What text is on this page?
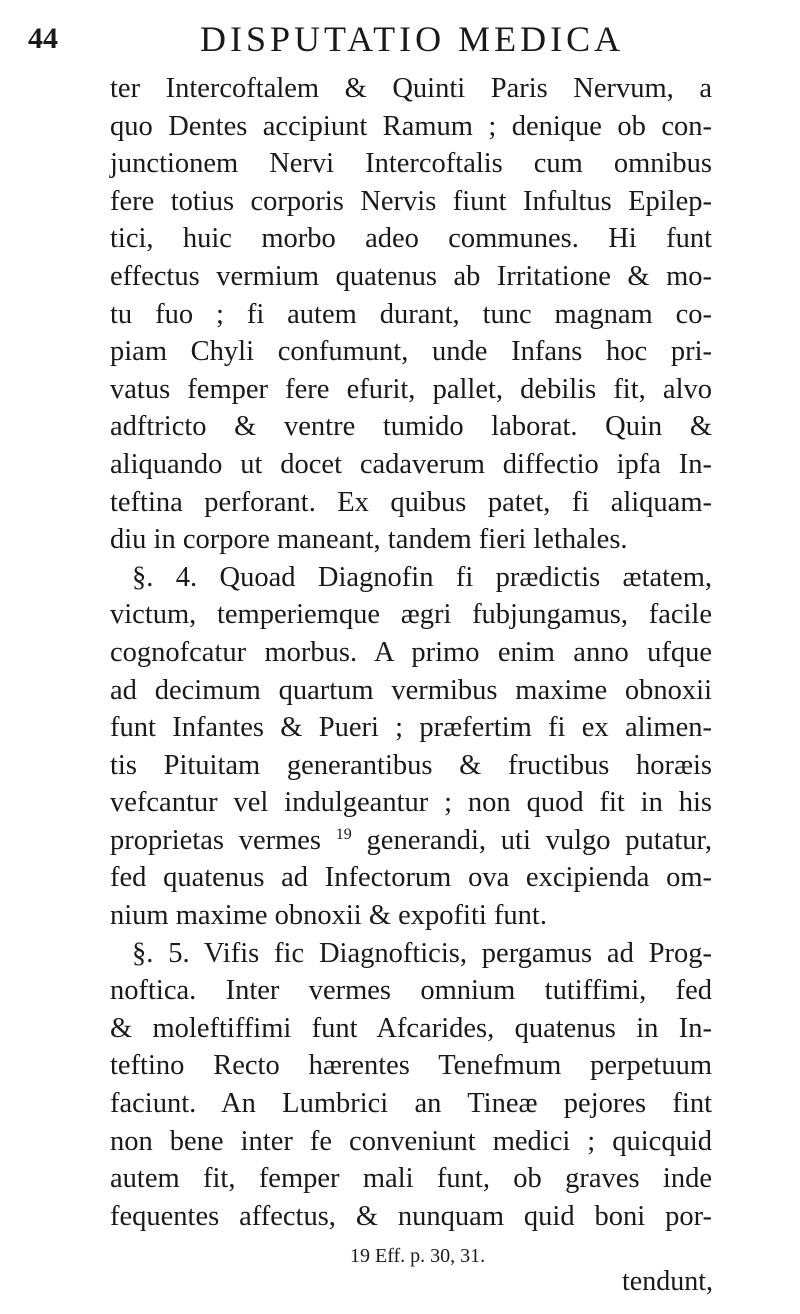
44	DISPUTATIO MEDICA
ter Intercoftalem & Quinti Paris Nervum, a
quo Dentes accipiunt Ramum ; denique ob con-
junctionem Nervi Intercoftalis cum omnibus
fere totius corporis Nervis fiunt Infultus Epilep-
tici, huic morbo adeo communes. Hi funt
effectus vermium quatenus ab Irritatione & mo-
tu fuo ; fi autem durant, tunc magnam co-
piam Chyli confumunt, unde Infans hoc pri-
vatus femper fere efurit, pallet, debilis fit, alvo
adftricto & ventre tumido laborat. Quin &
aliquando ut docet cadaverum diffectio ipfa In-
teftina perforant. Ex quibus patet, fi aliquam-
diu in corpore maneant, tandem fieri lethales.
§. 4. Quoad Diagnofin fi prædictis ætatem,
victum, temperiemque ægri fubjungamus, facile
cognofcatur morbus. A primo enim anno ufque
ad decimum quartum vermibus maxime obnoxii
funt Infantes & Pueri ; præfertim fi ex alimen-
tis Pituitam generantibus & fructibus horæis
vefcantur vel indulgeantur ; non quod fit in his
proprietas vermes $^{19}$ generandi, uti vulgo putatur,
fed quatenus ad Infectorum ova excipienda om-
nium maxime obnoxii & expofiti funt.
§. 5. Vifis fic Diagnofticis, pergamus ad Prog-
noftica. Inter vermes omnium tutiffimi, fed
& moleftiffimi funt Afcarides, quatenus in In-
teftino Recto hærentes Tenefmum perpetuum
faciunt. An Lumbrici an Tineæ pejores fint
non bene inter fe conveniunt medici ; quicquid
autem fit, femper mali funt, ob graves inde
fequentes affectus, & nunquam quid boni por-
19 Eff. p. 30, 31.
tendunt,
